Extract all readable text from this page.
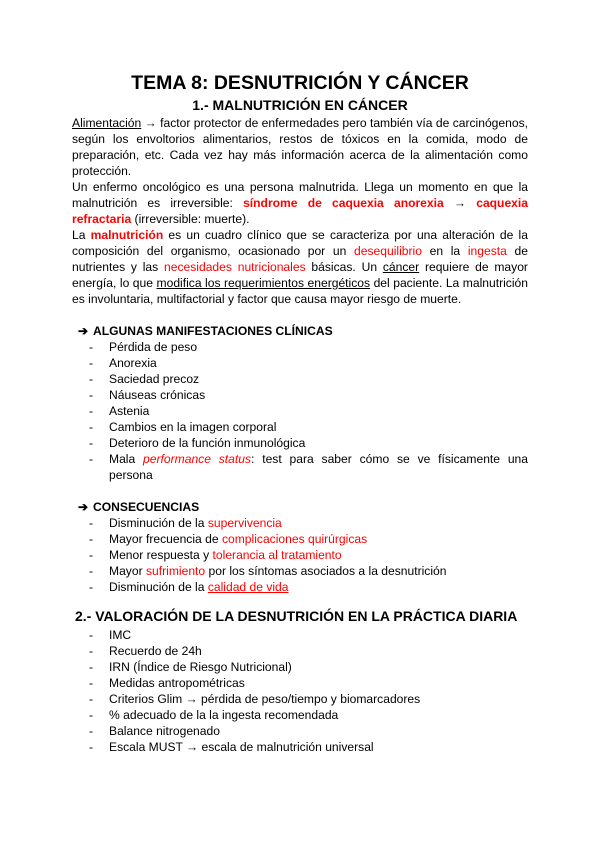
TEMA 8: DESNUTRICIÓN Y CÁNCER
1.- MALNUTRICIÓN EN CÁNCER

Alimentación → factor protector de enfermedades pero también vía de carcinógenos, según los envoltorios alimentarios, restos de tóxicos en la comida, modo de preparación, etc. Cada vez hay más información acerca de la alimentación como protección.

Un enfermo oncológico es una persona malnutrida. Llega un momento en que la malnutrición es irreversible: síndrome de caquexia anorexia → caquexia refractaria (irreversible: muerte).

La malnutrición es un cuadro clínico que se caracteriza por una alteración de la composición del organismo, ocasionado por un desequilibrio en la ingesta de nutrientes y las necesidades nutricionales básicas. Un cáncer requiere de mayor energía, lo que modifica los requerimientos energéticos del paciente. La malnutrición es involuntaria, multifactorial y factor que causa mayor riesgo de muerte.

➔ ALGUNAS MANIFESTACIONES CLÍNICAS

- Pérdida de peso
- Anorexia
- Saciedad precoz
- Náuseas crónicas
- Astenia
- Cambios en la imagen corporal
- Deterioro de la función inmunológica
- Mala performance status: test para saber cómo se ve físicamente una persona

➔ CONSECUENCIAS

- Disminución de la supervivencia
- Mayor frecuencia de complicaciones quirúrgicas
- Menor respuesta y tolerancia al tratamiento
- Mayor sufrimiento por los síntomas asociados a la desnutrición
- Disminución de la calidad de vida
2.- VALORACIÓN DE LA DESNUTRICIÓN EN LA PRÁCTICA DIARIA
- IMC
- Recuerdo de 24h
- IRN (Índice de Riesgo Nutricional)
- Medidas antropométricas
- Criterios Glim → pérdida de peso/tiempo y biomarcadores
- % adecuado de la la ingesta recomendada
- Balance nitrogenado
- Escala MUST → escala de malnutrición universal
